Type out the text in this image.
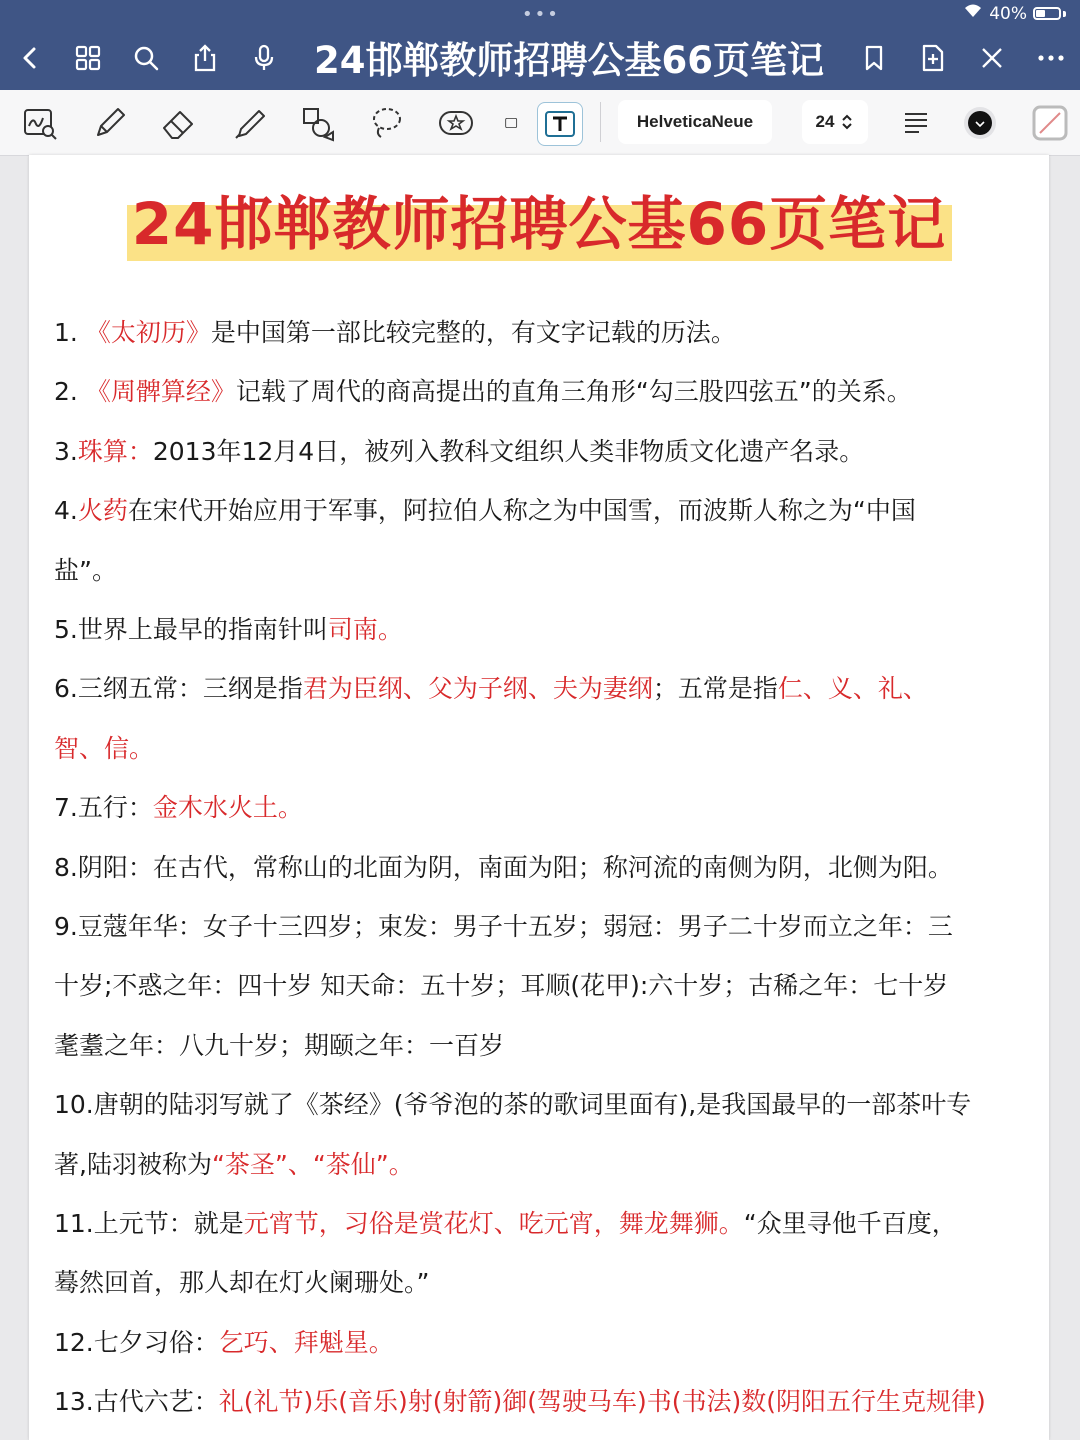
•••	40%
24邯郸教师招聘公基66页笔记
HelveticaNeue	24
24邯郸教师招聘公基66页笔记
1. 《太初历》是中国第一部比较完整的，有文字记载的历法。
2. 《周髀算经》记载了周代的商高提出的直角三角形“勾三股四弦五”的关系。
3.珠算：2013年12月4日，被列入教科文组织人类非物质文化遗产名录。
4.火药在宋代开始应用于军事，阿拉伯人称之为中国雪，而波斯人称之为“中国
盐”。
5.世界上最早的指南针叫司南。
6.三纲五常：三纲是指君为臣纲、父为子纲、夫为妻纲；五常是指仁、义、礼、
智、信。
7.五行：金木水火土。
8.阴阳：在古代，常称山的北面为阴，南面为阳；称河流的南侧为阴，北侧为阳。
9.豆蔻年华：女子十三四岁；束发：男子十五岁；弱冠：男子二十岁而立之年：三
十岁;不惑之年：四十岁 知天命：五十岁；耳顺(花甲):六十岁；古稀之年：七十岁
耄耋之年：八九十岁；期颐之年：一百岁
10.唐朝的陆羽写就了《茶经》(爷爷泡的茶的歌词里面有),是我国最早的一部茶叶专
著,陆羽被称为“茶圣”、“茶仙”。
11.上元节：就是元宵节，习俗是赏花灯、吃元宵，舞龙舞狮。“众里寻他千百度，
蓦然回首，那人却在灯火阑珊处。”
12.七夕习俗：乞巧、拜魁星。
13.古代六艺：礼(礼节)乐(音乐)射(射箭)御(驾驶马车)书(书法)数(阴阳五行生克规律)
